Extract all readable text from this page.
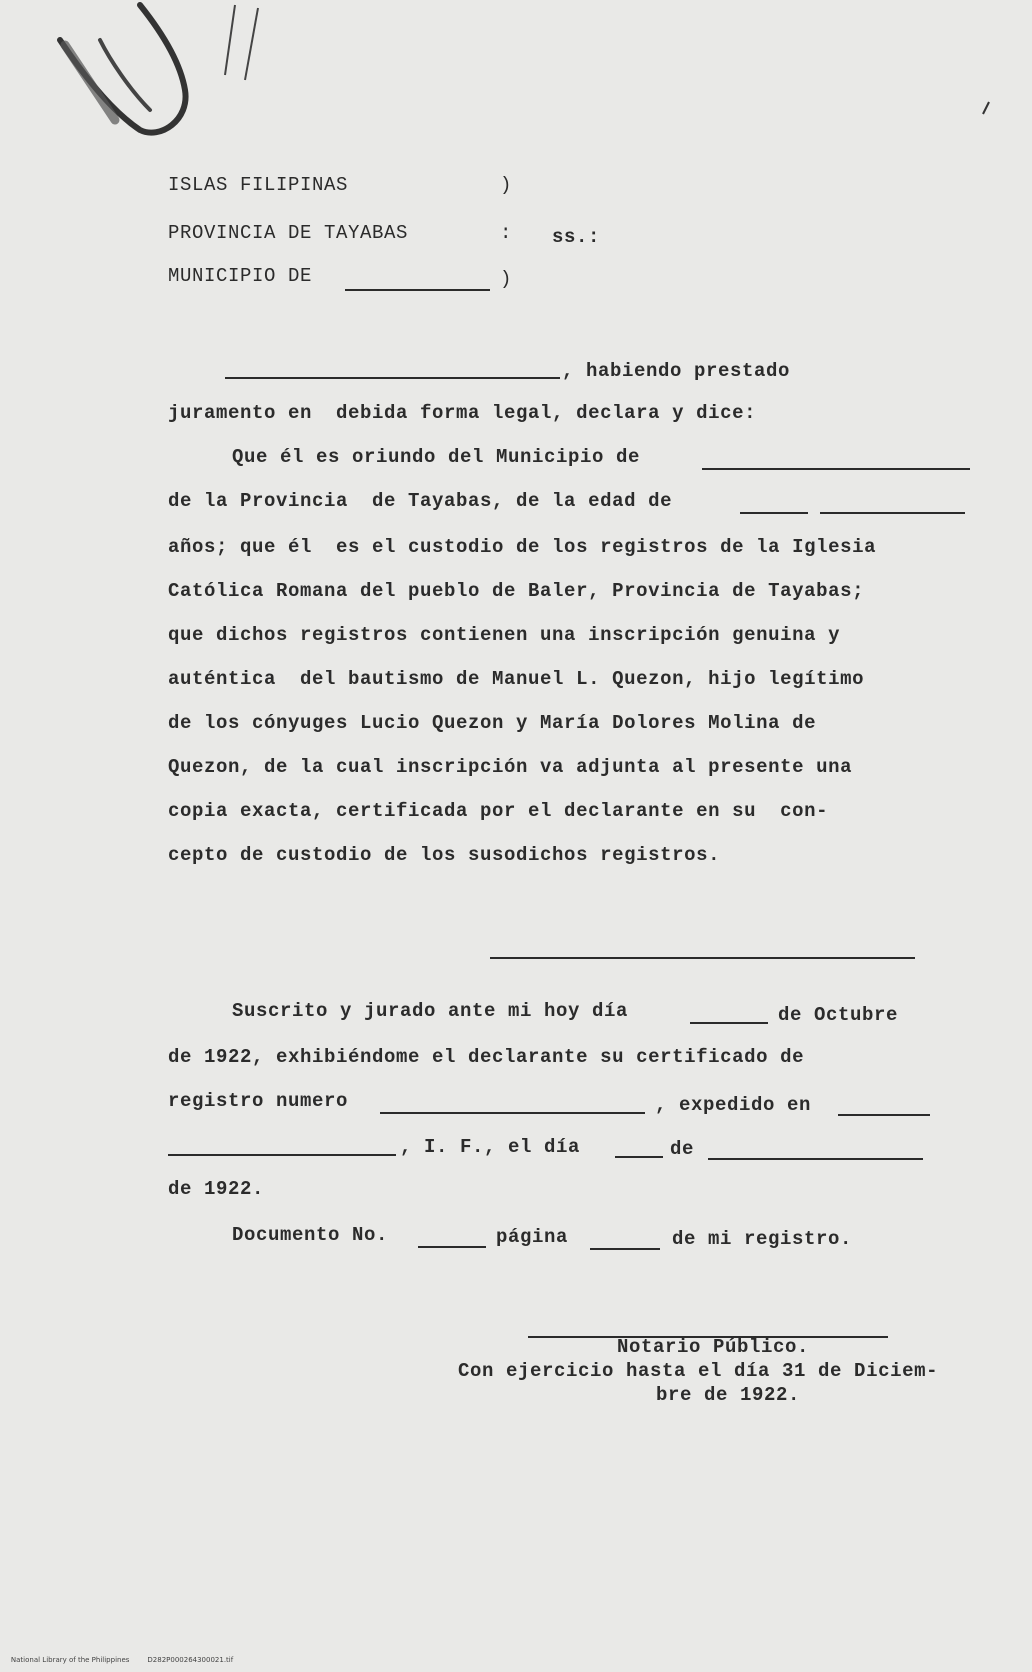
ISLAS FILIPINAS	)
PROVINCIA DE TAYABAS	: ss.:
MUNICIPIO DE	)
, habiendo prestado
juramento en  debida forma legal, declara y dice:
Que él es oriundo del Municipio de
de la Provincia  de Tayabas, de la edad de
años; que él  es el custodio de los registros de la Iglesia
Católica Romana del pueblo de Baler, Provincia de Tayabas;
que dichos registros contienen una inscripción genuina y
auténtica  del bautismo de Manuel L. Quezon, hijo legítimo
de los cónyuges Lucio Quezon y María Dolores Molina de
Quezon, de la cual inscripción va adjunta al presente una
copia exacta, certificada por el declarante en su  con-
cepto de custodio de los susodichos registros.
Suscrito y jurado ante mi hoy día	de Octubre
de 1922, exhibiéndome el declarante su certificado de
registro numero	, expedido en
, I. F., el día	de
de 1922.
Documento No.	página	de mi registro.
Notario Público.
Con ejercicio hasta el día 31 de Diciem-
bre de 1922.

National Library of the Philippines	D282P000264300021.tif
